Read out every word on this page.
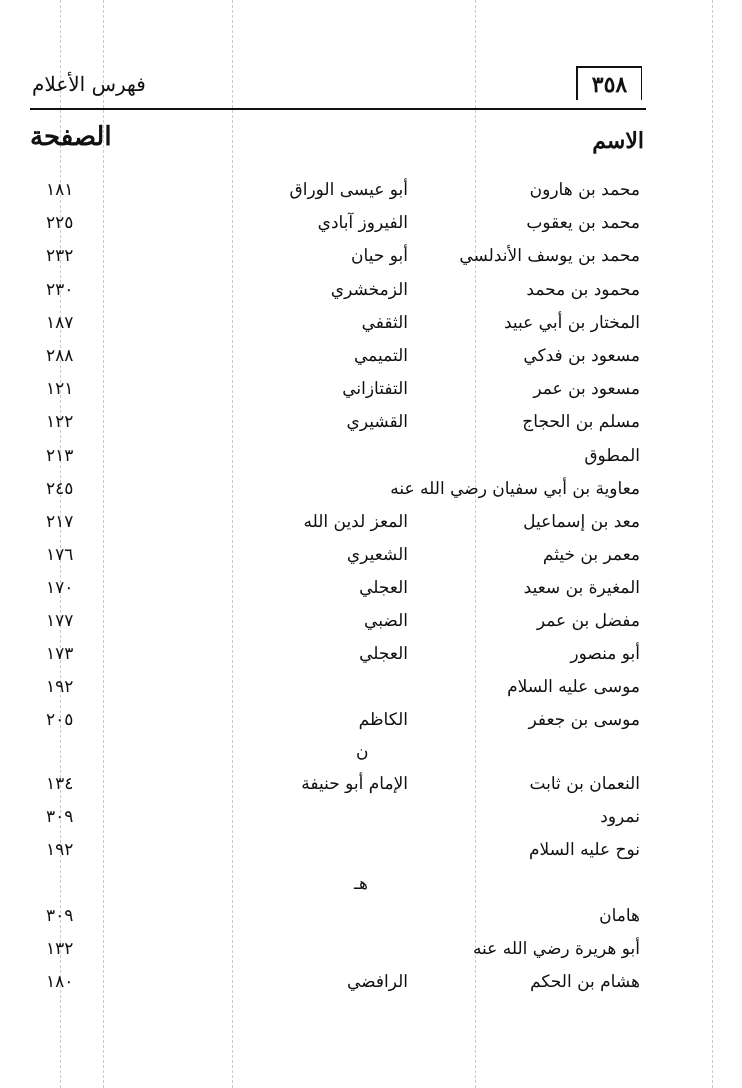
فهرس الأعلام	٣٥٨
الصفحة	الاسم
محمد بن هارون
أبو عيسى الوراق
١٨١
محمد بن يعقوب
الفيروز آبادي
٢٢٥
محمد بن يوسف الأندلسي
أبو حيان
٢٣٢
محمود بن محمد
الزمخشري
٢٣٠
المختار بن أبي عبيد
الثقفي
١٨٧
مسعود بن فدكي
التميمي
٢٨٨
مسعود بن عمر
التفتازاني
١٢١
مسلم بن الحجاج
القشيري
١٢٢
المطوق
٢١٣
معاوية بن أبي سفيان رضي الله عنه
٢٤٥
معد بن إسماعيل
المعز لدين الله
٢١٧
معمر بن خيثم
الشعيري
١٧٦
المغيرة بن سعيد
العجلي
١٧٠
مفضل بن عمر
الضبي
١٧٧
أبو منصور
العجلي
١٧٣
موسى عليه السلام
١٩٢
موسى بن جعفر
الكاظم
٢٠٥
ن
النعمان بن ثابت
الإمام أبو حنيفة
١٣٤
نمرود
٣٠٩
نوح عليه السلام
١٩٢
هـ
هامان
٣٠٩
أبو هريرة رضي الله عنه
١٣٢
هشام بن الحكم
الرافضي
١٨٠
